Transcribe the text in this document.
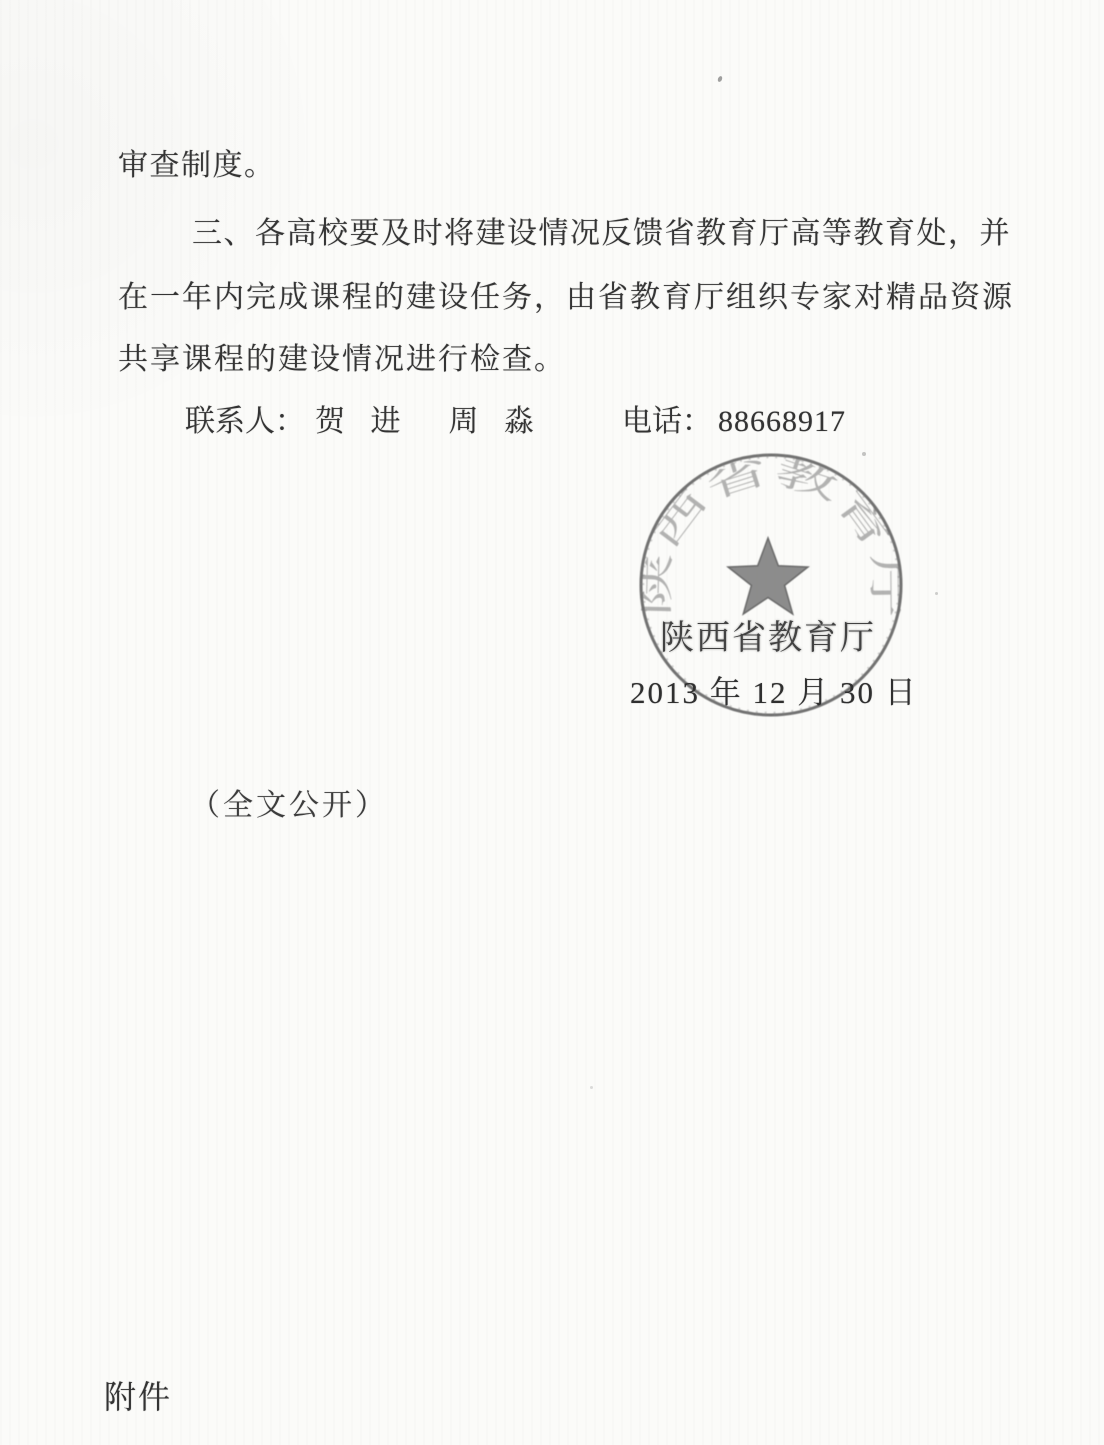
审查制度。
三、各高校要及时将建设情况反馈省教育厅高等教育处，并
在一年内完成课程的建设任务，由省教育厅组织专家对精品资源
共享课程的建设情况进行检查。
联系人： 贺 进　周 淼	电话： 88668917
陕西省教育厅
陕西省教育厅
2013 年 12 月 30 日
（全文公开）
附件
